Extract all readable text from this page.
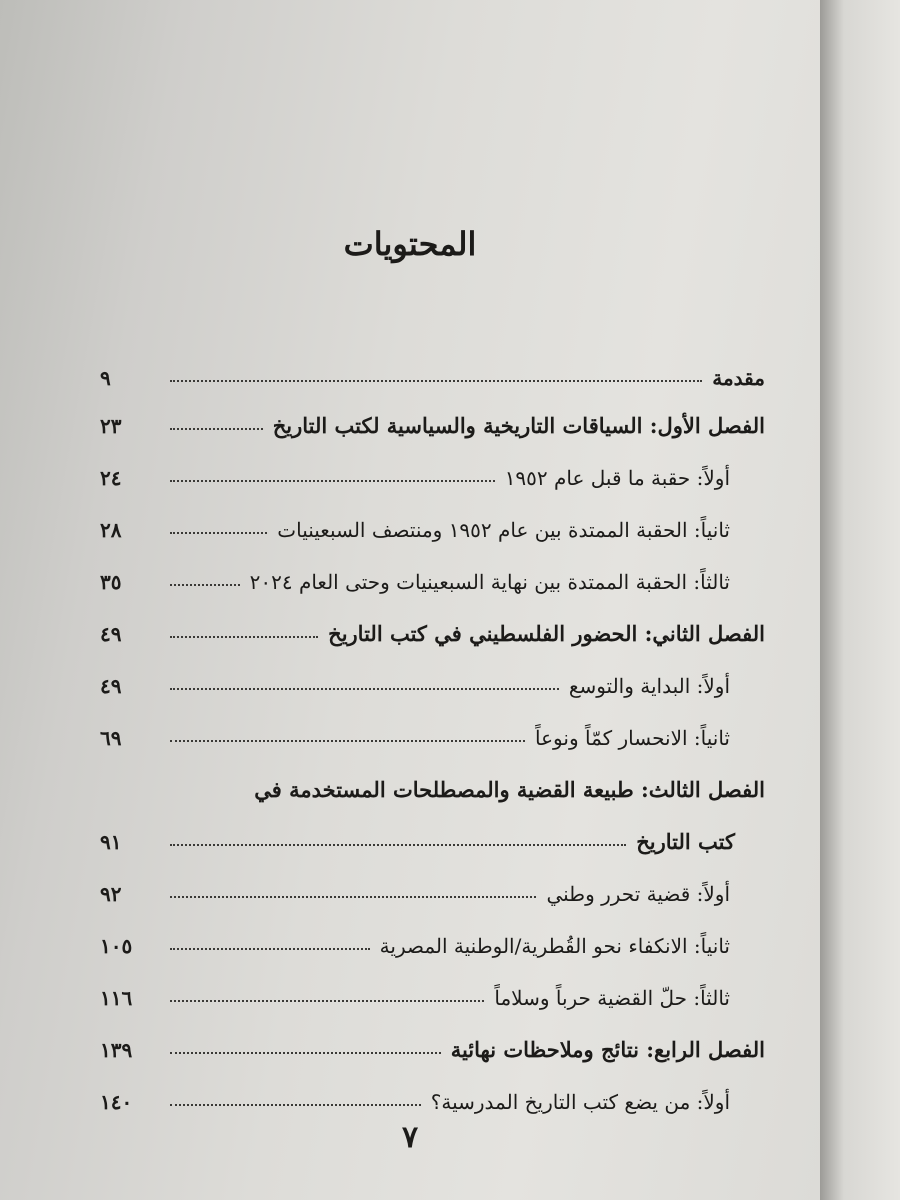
المحتويات
مقدمة
٩
الفصل الأول: السياقات التاريخية والسياسية لكتب التاريخ
٢٣
أولاً: حقبة ما قبل عام ١٩٥٢
٢٤
ثانياً: الحقبة الممتدة بين عام ١٩٥٢ ومنتصف السبعينيات
٢٨
ثالثاً: الحقبة الممتدة بين نهاية السبعينيات وحتى العام ٢٠٢٤
٣٥
الفصل الثاني: الحضور الفلسطيني في كتب التاريخ
٤٩
أولاً: البداية والتوسع
٤٩
ثانياً: الانحسار كمّاً ونوعاً
٦٩
الفصل الثالث: طبيعة القضية والمصطلحات المستخدمة في
كتب التاريخ
٩١
أولاً: قضية تحرر وطني
٩٢
ثانياً: الانكفاء نحو القُطرية/الوطنية المصرية
١٠٥
ثالثاً: حلّ القضية حرباً وسلاماً
١١٦
الفصل الرابع: نتائج وملاحظات نهائية
١٣٩
أولاً: من يضع كتب التاريخ المدرسية؟
١٤٠
٧
